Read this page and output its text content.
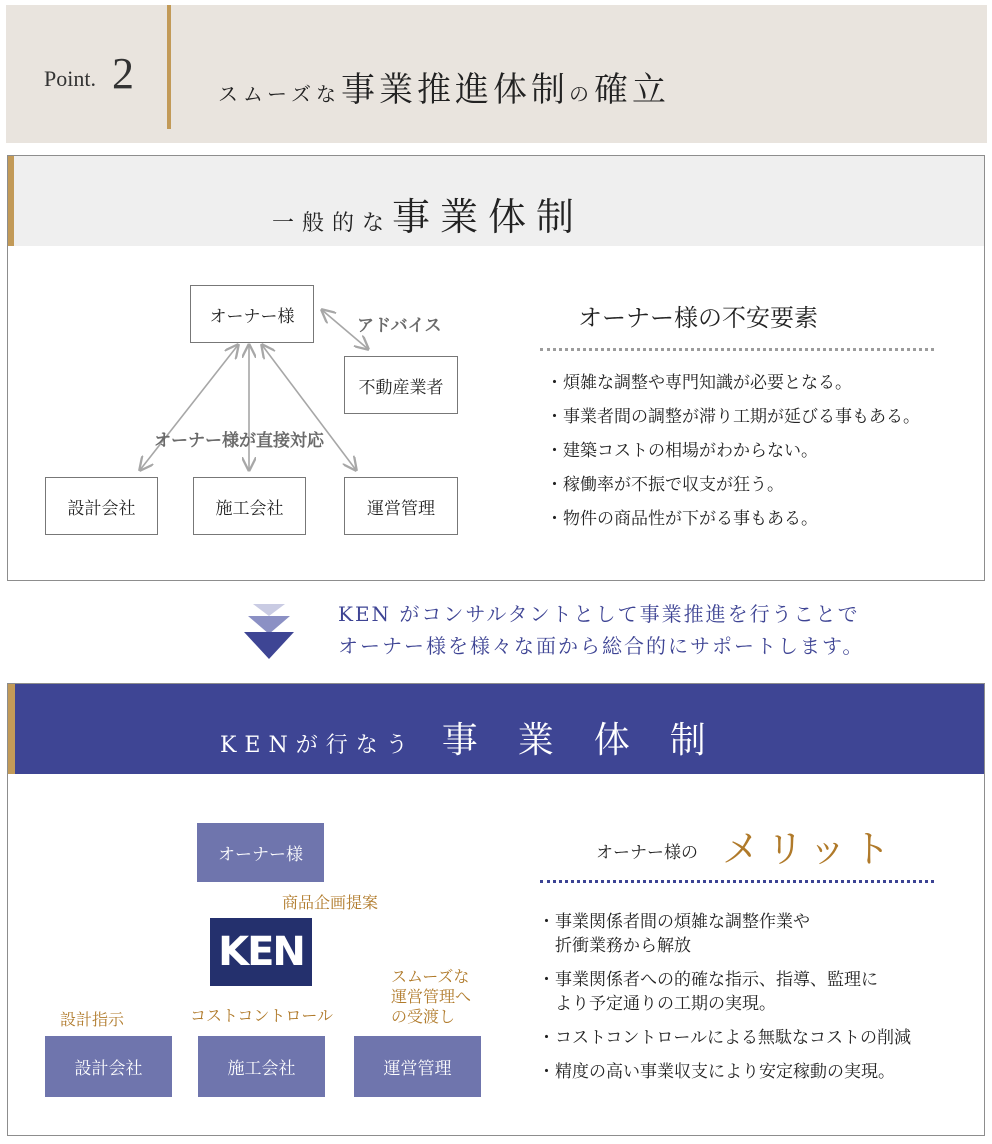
Point. 2	スムーズな事業推進体制の確立
一般的な事業体制
オーナー様	アドバイス
不動産業者
オーナー様が直接対応
設計会社	施工会社	運営管理
オーナー様の不安要素
・煩雑な調整や専門知識が必要となる。
・事業者間の調整が滞り工期が延びる事もある。
・建築コストの相場がわからない。
・稼働率が不振で収支が狂う。
・物件の商品性が下がる事もある。
KEN がコンサルタントとして事業推進を行うことで
オーナー様を様々な面から総合的にサポートします。
KENが行なう 事　業　体　制
オーナー様
商品企画提案
KEN
スムーズな
運営管理へ
の受渡し
設計指示	コストコントロール
設計会社	施工会社	運営管理
オーナー様の メリット
・事業関係者間の煩雑な調整作業や
　折衝業務から解放
・事業関係者への的確な指示、指導、監理に
　より予定通りの工期の実現。
・コストコントロールによる無駄なコストの削減
・精度の高い事業収支により安定稼動の実現。
